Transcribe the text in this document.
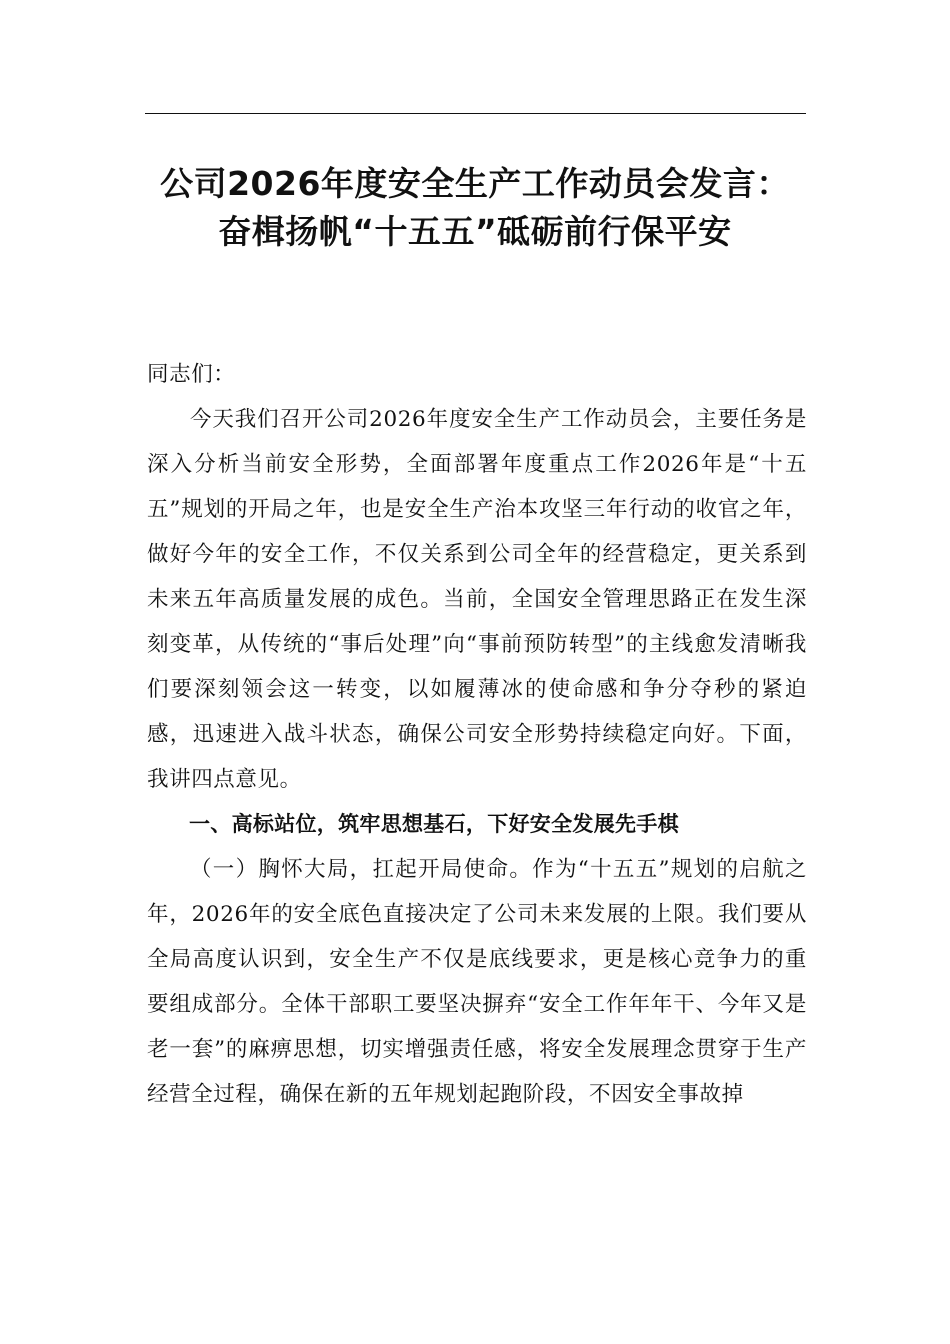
公司2026年度安全生产工作动员会发言：
奋楫扬帆“十五五”砥砺前行保平安

同志们：

今天我们召开公司2026年度安全生产工作动员会，主要任务是深入分析当前安全形势，全面部署年度重点工作2026年是“十五五”规划的开局之年，也是安全生产治本攻坚三年行动的收官之年，做好今年的安全工作，不仅关系到公司全年的经营稳定，更关系到未来五年高质量发展的成色。当前，全国安全管理思路正在发生深刻变革，从传统的“事后处理”向“事前预防转型”的主线愈发清晰我们要深刻领会这一转变，以如履薄冰的使命感和争分夺秒的紧迫感，迅速进入战斗状态，确保公司安全形势持续稳定向好。下面，我讲四点意见。

一、高标站位，筑牢思想基石，下好安全发展先手棋

（一）胸怀大局，扛起开局使命。作为“十五五”规划的启航之年，2026年的安全底色直接决定了公司未来发展的上限。我们要从全局高度认识到，安全生产不仅是底线要求，更是核心竞争力的重要组成部分。全体干部职工要坚决摒弃“安全工作年年干、今年又是老一套”的麻痹思想，切实增强责任感，将安全发展理念贯穿于生产经营全过程，确保在新的五年规划起跑阶段，不因安全事故掉
